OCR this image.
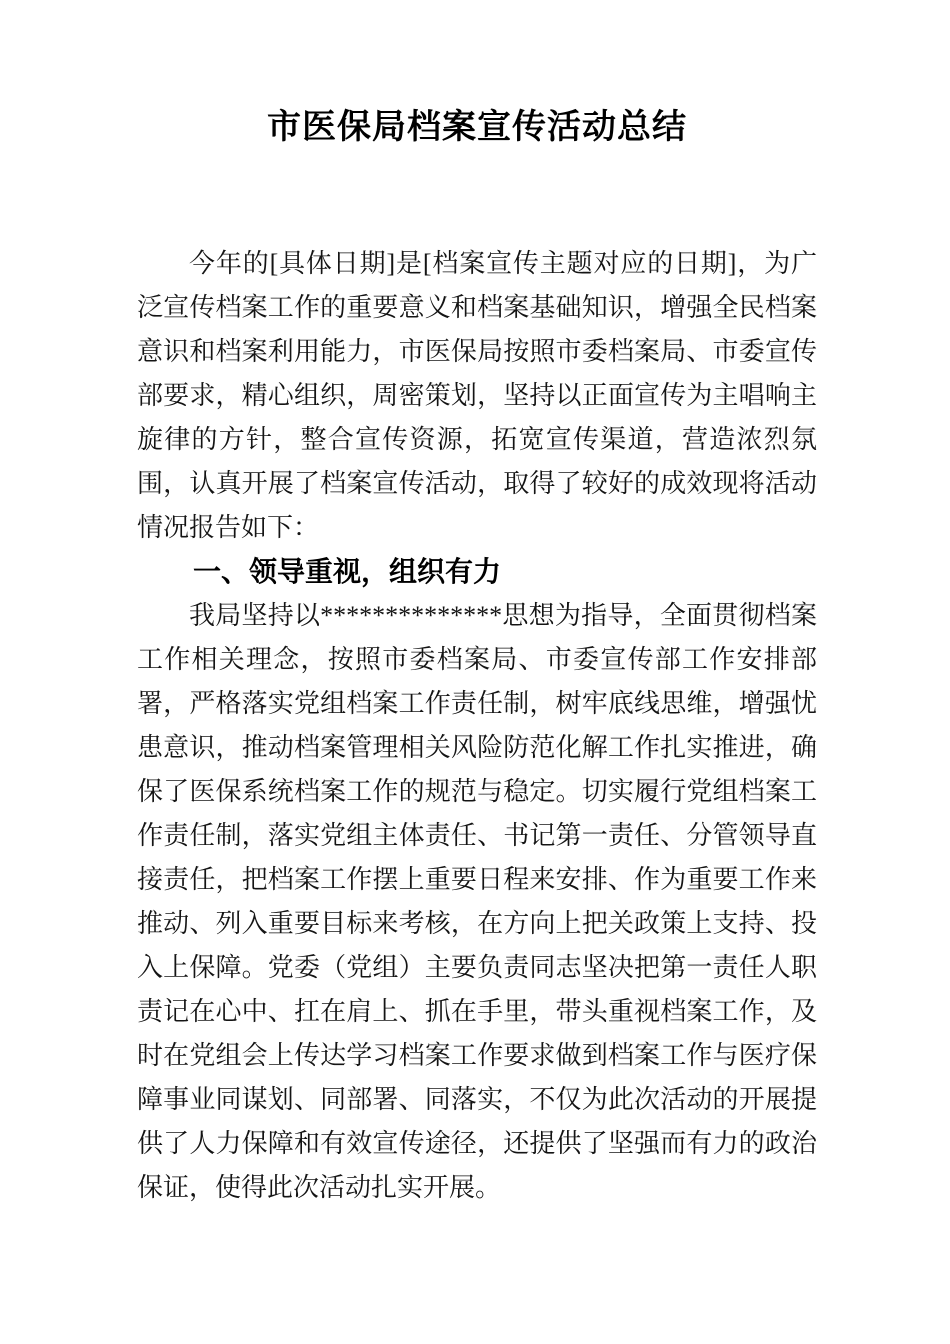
市医保局档案宣传活动总结

今年的[具体日期]是[档案宣传主题对应的日期]，为广泛宣传档案工作的重要意义和档案基础知识，增强全民档案意识和档案利用能力，市医保局按照市委档案局、市委宣传部要求，精心组织，周密策划，坚持以正面宣传为主唱响主旋律的方针，整合宣传资源，拓宽宣传渠道，营造浓烈氛围，认真开展了档案宣传活动，取得了较好的成效现将活动情况报告如下：

一、领导重视，组织有力

我局坚持以**************思想为指导，全面贯彻档案工作相关理念，按照市委档案局、市委宣传部工作安排部署，严格落实党组档案工作责任制，树牢底线思维，增强忧患意识，推动档案管理相关风险防范化解工作扎实推进，确保了医保系统档案工作的规范与稳定。切实履行党组档案工作责任制，落实党组主体责任、书记第一责任、分管领导直接责任，把档案工作摆上重要日程来安排、作为重要工作来推动、列入重要目标来考核，在方向上把关政策上支持、投入上保障。党委（党组）主要负责同志坚决把第一责任人职责记在心中、扛在肩上、抓在手里，带头重视档案工作，及时在党组会上传达学习档案工作要求做到档案工作与医疗保障事业同谋划、同部署、同落实，不仅为此次活动的开展提供了人力保障和有效宣传途径，还提供了坚强而有力的政治保证，使得此次活动扎实开展。
